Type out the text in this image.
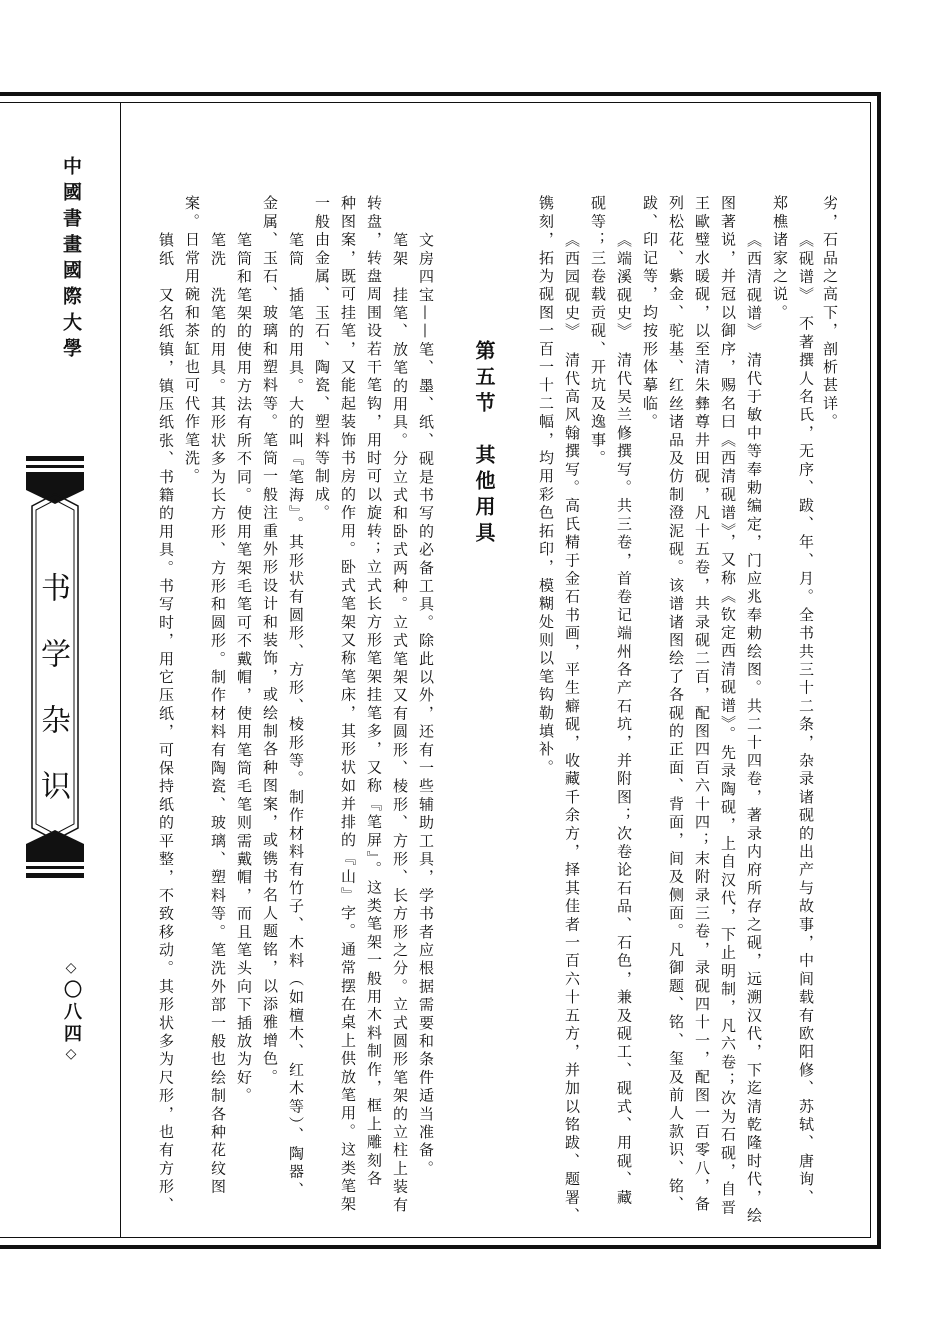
中國書畫國際大學
书学杂识
◇〇八四◇
第五节　其他用具
劣，石品之高下，剖析甚详。
《砚谱》　不著撰人名氏，无序、跋、年、月。全书共三十二条，杂录诸砚的出产与故事，中间载有欧阳修、苏轼、唐询、
郑樵诸家之说。
《西清砚谱》　清代于敏中等奉勅编定，门应兆奉勅绘图。共二十四卷，著录内府所存之砚，远溯汉代，下迄清乾隆时代，绘
图著说，并冠以御序，赐名曰《西清砚谱》，又称《钦定西清砚谱》。先录陶砚，上自汉代，下止明制，凡六卷；次为石砚，自晋
王歐璧水暖砚，以至清朱彝尊井田砚，凡十五卷，共录砚二百，配图四百六十四；末附录三卷，录砚四十一，配图一百零八，备
列松花、紫金、驼基、红丝诸品及仿制澄泥砚。该谱诸图绘了各砚的正面、背面，间及侧面。凡御题、铭、玺及前人款识、铭、
跋、印记等，均按形体摹临。
《端溪砚史》　清代吴兰修撰写。共三卷，首卷记端州各产石坑，并附图；次卷论石品、石色，兼及砚工、砚式、用砚、藏
砚等；三卷载贡砚、开坑及逸事。
《西园砚史》　清代高风翰撰写。高氏精于金石书画，平生癖砚，收藏千余方，择其佳者一百六十五方，并加以铭跋、题署、
镌刻，拓为砚图一百一十二幅，均用彩色拓印，模糊处则以笔钩勒填补。
文房四宝——笔、墨、纸、砚是书写的必备工具。除此以外，还有一些辅助工具，学书者应根据需要和条件适当准备。
笔架　挂笔、放笔的用具。分立式和卧式两种。立式笔架又有圆形、棱形、方形、长方形之分。立式圆形笔架的立柱上装有
转盘，转盘周围设若干笔钩，用时可以旋转；立式长方形笔架挂笔多，又称『笔屏』。这类笔架一般用木料制作，框上雕刻各
种图案，既可挂笔，又能起装饰书房的作用。卧式笔架又称笔床，其形状如并排的『山』字。通常摆在桌上供放笔用。这类笔架
一般由金属、玉石、陶瓷、塑料等制成。
笔筒　插笔的用具。大的叫『笔海』。其形状有圆形、方形、棱形等。制作材料有竹子、木料（如檀木、红木等）、陶器、
金属、玉石、玻璃和塑料等。笔筒一般注重外形设计和装饰，或绘制各种图案，或镌书名人题铭，以添雅增色。
笔筒和笔架的使用方法有所不同。使用笔架毛笔可不戴帽，使用笔筒毛笔则需戴帽，而且笔头向下插放为好。
笔洗　洗笔的用具。其形状多为长方形、方形和圆形。制作材料有陶瓷、玻璃、塑料等。笔洗外部一般也绘制各种花纹图
案。日常用碗和茶缸也可代作笔洗。
镇纸　又名纸镇，镇压纸张、书籍的用具。书写时，用它压纸，可保持纸的平整，不致移动。其形状多为尺形，也有方形、
